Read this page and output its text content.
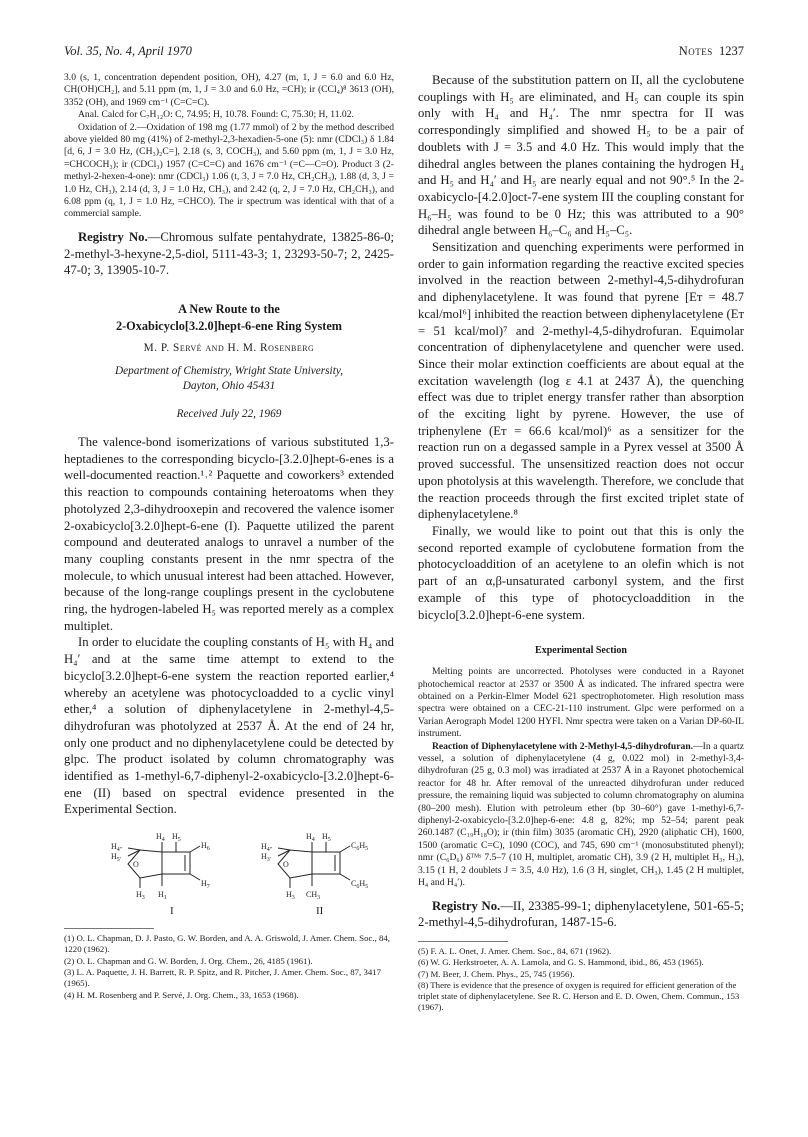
Vol. 35, No. 4, April 1970	Notes 1237

3.0 (s, 1, concentration dependent position, OH), 4.27 (m, 1, J = 6.0 and 6.0 Hz, CH(OH)CH₂], and 5.11 ppm (m, 1, J = 3.0 and 6.0 Hz, =CH); ir (CCl₄)⁸ 3613 (OH), 3352 (OH), and 1969 cm⁻¹ (C=C=C).

Anal. Calcd for C₇H₁₂O: C, 74.95; H, 10.78. Found: C, 75.30; H, 11.02.

Oxidation of 2.—Oxidation of 198 mg (1.77 mmol) of 2 by the method described above yielded 80 mg (41%) of 2-methyl-2,3-hexadien-5-one (5): nmr (CDCl₃) δ 1.84 [d, 6, J = 3.0 Hz, (CH₃)₂C=], 2.18 (s, 3, COCH₃), and 5.60 ppm (m, 1, J = 3.0 Hz, =CHCOCH₃); ir (CDCl₃) 1957 (C=C=C) and 1676 cm⁻¹ (=C—C=O). Product 3 (2-methyl-2-hexen-4-one): nmr (CDCl₃) 1.06 (t, 3, J = 7.0 Hz, CH₂CH₃), 1.88 (d, 3, J = 1.0 Hz, CH₃), 2.14 (d, 3, J = 1.0 Hz, CH₃), and 2.42 (q, 2, J = 7.0 Hz, CH₂CH₃), and 6.08 ppm (q, 1, J = 1.0 Hz, =CHCO). The ir spectrum was identical with that of a commercial sample.

Registry No.—Chromous sulfate pentahydrate, 13825-86-0; 2-methyl-3-hexyne-2,5-diol, 5111-43-3; 1, 23293-50-7; 2, 2425-47-0; 3, 13905-10-7.

A New Route to the
2-Oxabicyclo[3.2.0]hept-6-ene Ring System
M. P. Servé and H. M. Rosenberg
Department of Chemistry, Wright State University,
Dayton, Ohio 45431
Received July 22, 1969

The valence-bond isomerizations of various substituted 1,3-heptadienes to the corresponding bicyclo-[3.2.0]hept-6-enes is a well-documented reaction.¹˒² Paquette and coworkers³ extended this reaction to compounds containing heteroatoms when they photolyzed 2,3-dihydrooxepin and recovered the valence isomer 2-oxabicyclo[3.2.0]hept-6-ene (I). Paquette utilized the parent compound and deuterated analogs to unravel a number of the many coupling constants present in the nmr spectra of the molecule, to which unusual interest had been attached. However, because of the long-range couplings present in the cyclobutene ring, the hydrogen-labeled H₅ was reported merely as a complex multiplet.

In order to elucidate the coupling constants of H₅ with H₄ and H₄′ and at the same time attempt to extend to the bicyclo[3.2.0]hept-6-ene system the reaction reported earlier,⁴ whereby an acetylene was photocycloadded to a cyclic vinyl ether,⁴ a solution of diphenylacetylene in 2-methyl-4,5-dihydrofuran was photolyzed at 2537 Å. At the end of 24 hr, only one product and no diphenylacetylene could be detected by glpc. The product isolated by column chromatography was identified as 1-methyl-6,7-diphenyl-2-oxabicyclo-[3.2.0]hept-6-ene (II) based on spectral evidence presented in the Experimental Section.

$H_4$ $H_5$
$H_6$
$H_7$
$H_{4''}$
$H_{5'}$ O
$H_3$ $H_1$
I
$H_4$ $H_5$
$C_6H_5$
$C_6H_5$
$H_{4''}$
$H_{3'}$ O
$H_3$ $CH_3$
II

(1) O. L. Chapman, D. J. Pasto, G. W. Borden, and A. A. Griswold, J. Amer. Chem. Soc., 84, 1220 (1962).

(2) O. L. Chapman and G. W. Borden, J. Org. Chem., 26, 4185 (1961).

(3) L. A. Paquette, J. H. Barrett, R. P. Spitz, and R. Pitcher, J. Amer. Chem. Soc., 87, 3417 (1965).

(4) H. M. Rosenberg and P. Servé, J. Org. Chem., 33, 1653 (1968).

Because of the substitution pattern on II, all the cyclobutene couplings with H₅ are eliminated, and H₅ can couple its spin only with H₄ and H₄′. The nmr spectra for II was correspondingly simplified and showed H₅ to be a pair of doublets with J = 3.5 and 4.0 Hz. This would imply that the dihedral angles between the planes containing the hydrogen H₄ and H₅ and H₄′ and H₅ are nearly equal and not 90°.⁵ In the 2-oxabicyclo-[4.2.0]oct-7-ene system III the coupling constant for H₆–H₅ was found to be 0 Hz; this was attributed to a 90° dihedral angle between H₆–C₆ and H₅–C₅.

Sensitization and quenching experiments were performed in order to gain information regarding the reactive excited species involved in the reaction between 2-methyl-4,5-dihydrofuran and diphenylacetylene. It was found that pyrene [Eᴛ = 48.7 kcal/mol⁶] inhibited the reaction between diphenylacetylene (Eᴛ = 51 kcal/mol)⁷ and 2-methyl-4,5-dihydrofuran. Equimolar concentration of diphenylacetylene and quencher were used. Since their molar extinction coefficients are about equal at the excitation wavelength (log ε 4.1 at 2437 Å), the quenching effect was due to triplet energy transfer rather than absorption of the exciting light by pyrene. However, the use of triphenylene (Eᴛ = 66.6 kcal/mol)⁶ as a sensitizer for the reaction run on a degassed sample in a Pyrex vessel at 3500 Å proved successful. The unsensitized reaction does not occur upon photolysis at this wavelength. Therefore, we conclude that the reaction proceeds through the first excited triplet state of diphenylacetylene.⁸

Finally, we would like to point out that this is only the second reported example of cyclobutene formation from the photocycloaddition of an acetylene to an olefin which is not part of an α,β-unsaturated carbonyl system, and the first example of this type of photocycloaddition in the bicyclo[3.2.0]hept-6-ene system.

Experimental Section

Melting points are uncorrected. Photolyses were conducted in a Rayonet photochemical reactor at 2537 or 3500 Å as indicated. The infrared spectra were obtained on a Perkin-Elmer Model 621 spectrophotometer. High resolution mass spectra were obtained on a CEC-21-110 instrument. Glpc were performed on a Varian Aerograph Model 1200 HYFI. Nmr spectra were taken on a Varian DP-60-IL instrument.

Reaction of Diphenylacetylene with 2-Methyl-4,5-dihydrofuran.—In a quartz vessel, a solution of diphenylacetylene (4 g, 0.022 mol) in 2-methyl-3,4-dihydrofuran (25 g, 0.3 mol) was irradiated at 2537 Å in a Rayonet photochemical reactor for 48 hr. After removal of the unreacted dihydrofuran under reduced pressure, the remaining liquid was subjected to column chromatography on alumina (80–200 mesh). Elution with petroleum ether (bp 30–60°) gave 1-methyl-6,7-diphenyl-2-oxabicyclo-[3.2.0]hep-6-ene: 4.8 g, 82%; mp 52–54; parent peak 260.1487 (C₁₉H₁₈O); ir (thin film) 3035 (aromatic CH), 2920 (aliphatic CH), 1600, 1500 (aromatic C=C), 1090 (COC), and 745, 690 cm⁻¹ (monosubstituted phenyl); nmr (C₆D₆) δᵀᴹˢ 7.5–7 (10 H, multiplet, aromatic CH), 3.9 (2 H, multiplet H₃, H₃), 3.15 (1 H, 2 doublets J = 3.5, 4.0 Hz), 1.6 (3 H, singlet, CH₃), 1.45 (2 H multiplet, H₄ and H₄′).

Registry No.—II, 23385-99-1; diphenylacetylene, 501-65-5; 2-methyl-4,5-dihydrofuran, 1487-15-6.

(5) F. A. L. Onet, J. Amer. Chem. Soc., 84, 671 (1962).

(6) W. G. Herkstroeter, A. A. Lamola, and G. S. Hammond, ibid., 86, 453 (1965).

(7) M. Beer, J. Chem. Phys., 25, 745 (1956).

(8) There is evidence that the presence of oxygen is required for efficient generation of the triplet state of diphenylacetylene. See R. C. Herson and E. D. Owen, Chem. Commun., 153 (1967).
